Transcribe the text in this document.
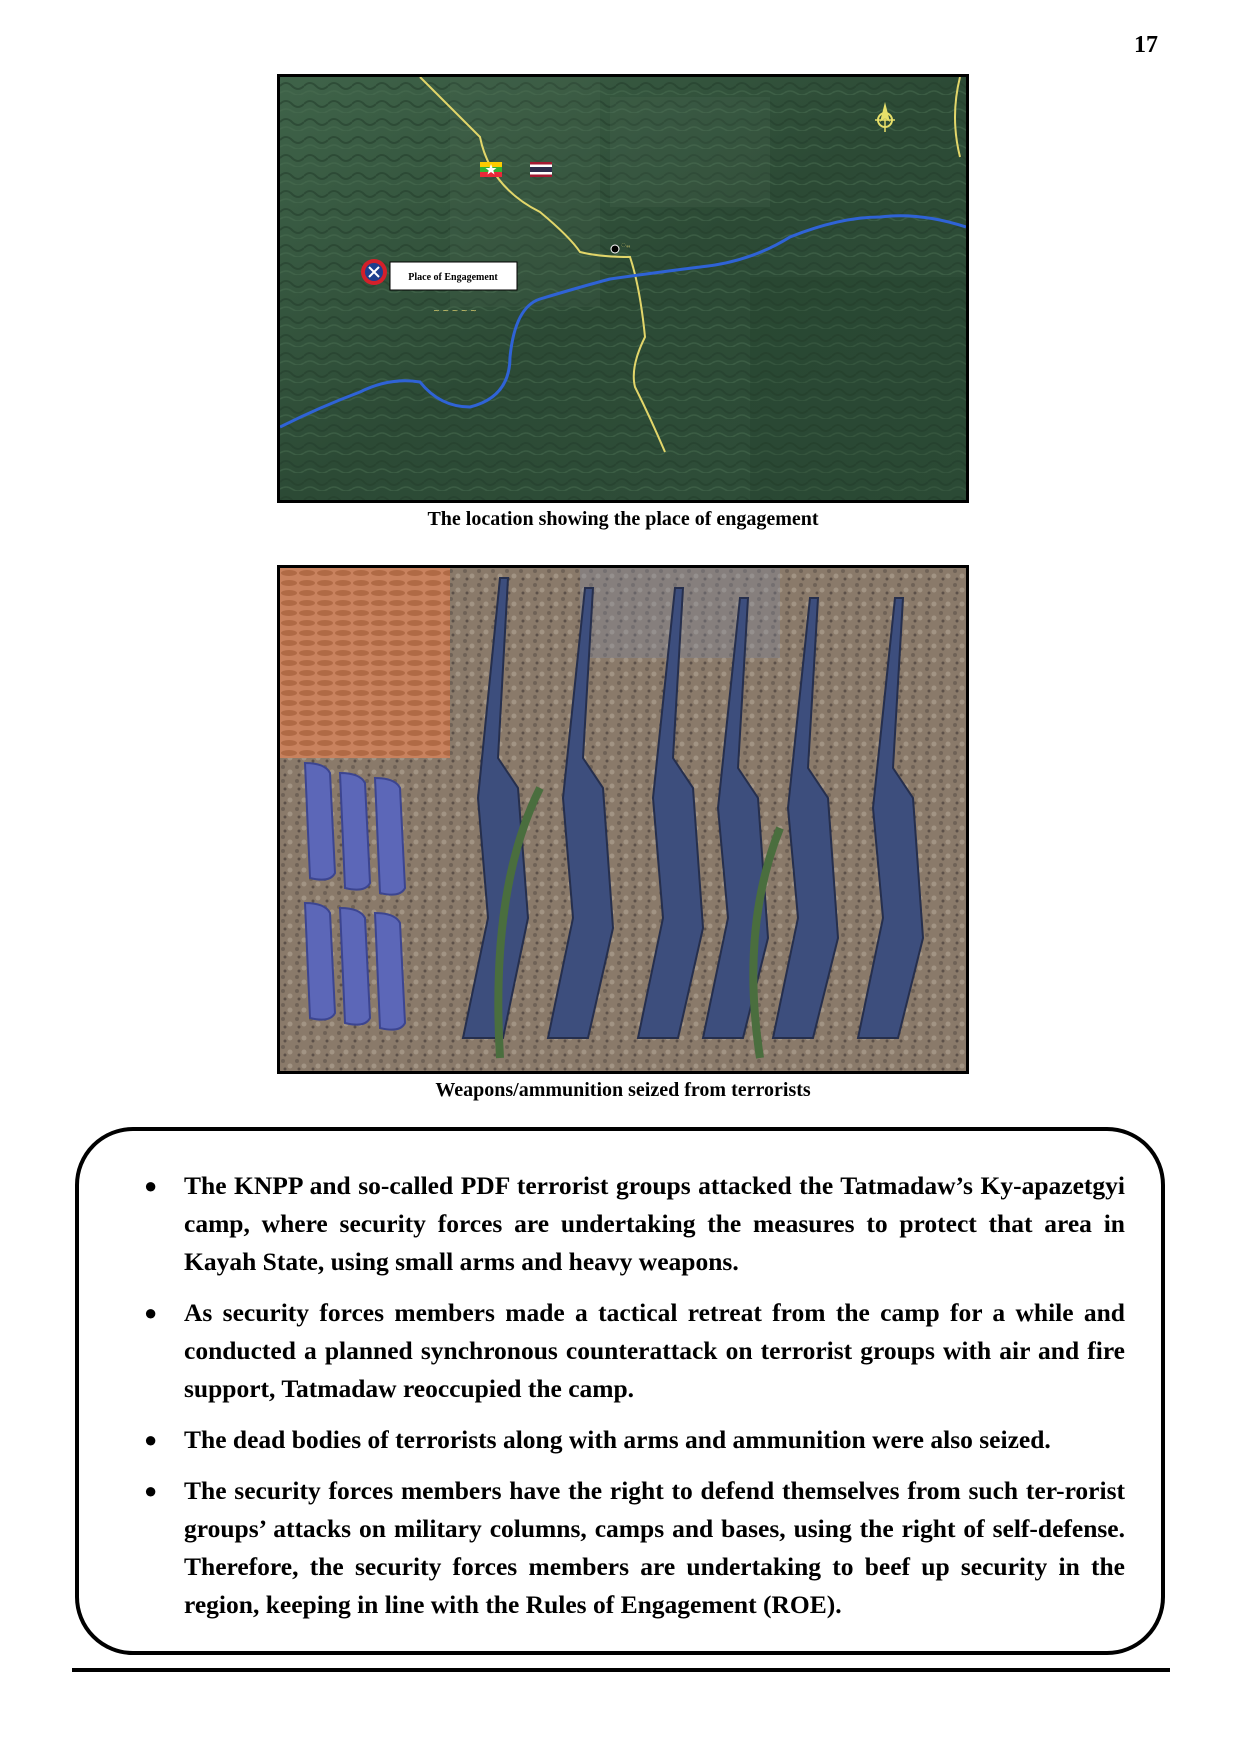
17
ꩻꩻ
Place of Engagement
~ ~ ~ ~ ~
The location showing the place of engagement
Weapons/ammunition seized from terrorists
● The KNPP and so-called PDF terrorist groups attacked the Tatmadaw’s Ky-apazetgyi camp, where security forces are undertaking the measures to protect that area in Kayah State, using small arms and heavy weapons.
● As security forces members made a tactical retreat from the camp for a while and conducted a planned synchronous counterattack on terrorist groups with air and fire support, Tatmadaw reoccupied the camp.
● The dead bodies of terrorists along with arms and ammunition were also seized.
● The security forces members have the right to defend themselves from such ter-rorist groups’ attacks on military columns, camps and bases, using the right of self-defense. Therefore, the security forces members are undertaking to beef up security in the region, keeping in line with the Rules of Engagement (ROE).
